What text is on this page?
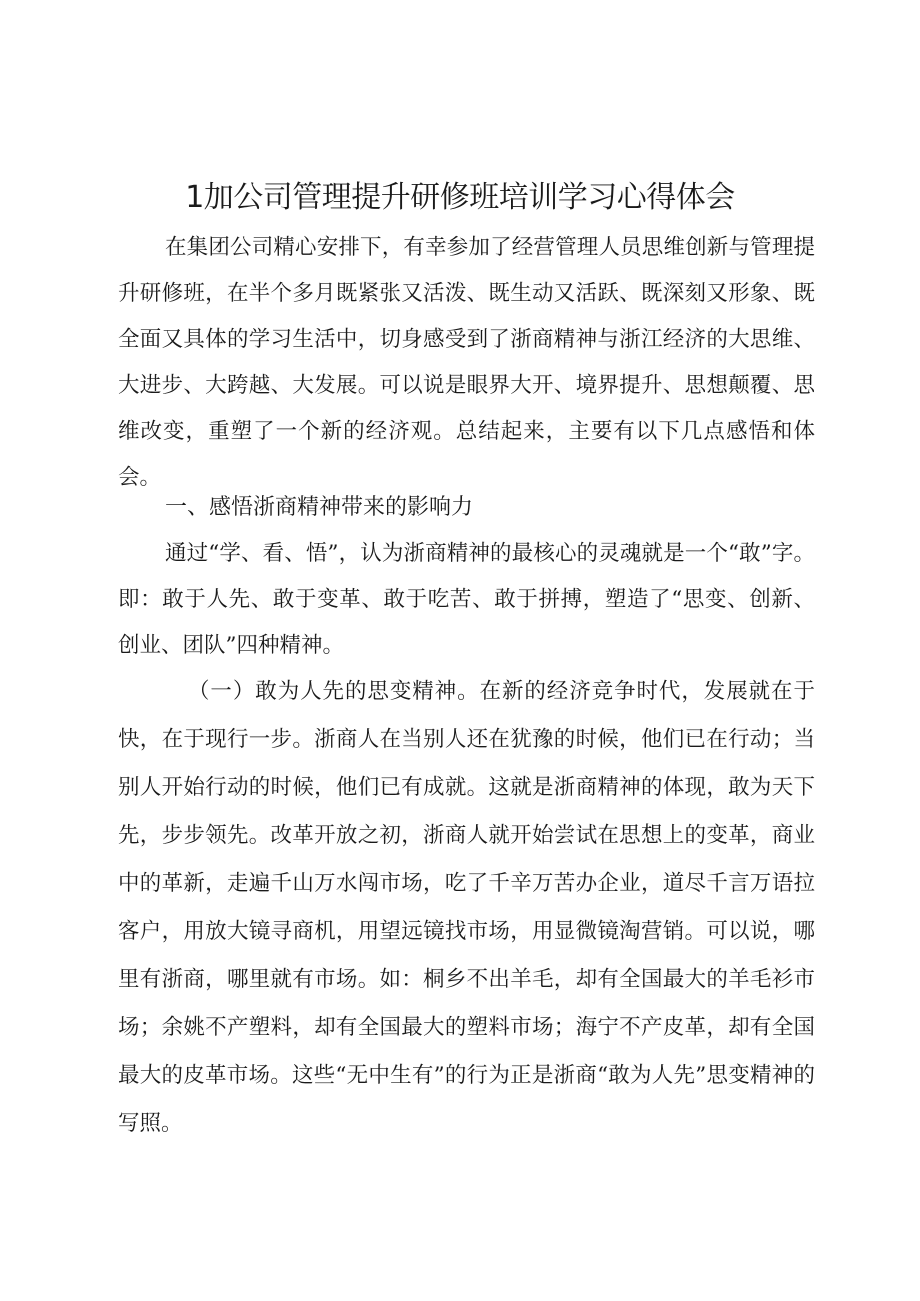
1加公司管理提升研修班培训学习心得体会

在集团公司精心安排下，有幸参加了经营管理人员思维创新与管理提升研修班，在半个多月既紧张又活泼、既生动又活跃、既深刻又形象、既全面又具体的学习生活中，切身感受到了浙商精神与浙江经济的大思维、大进步、大跨越、大发展。可以说是眼界大开、境界提升、思想颠覆、思维改变，重塑了一个新的经济观。总结起来，主要有以下几点感悟和体会。

一、感悟浙商精神带来的影响力

通过“学、看、悟”，认为浙商精神的最核心的灵魂就是一个“敢”字。即：敢于人先、敢于变革、敢于吃苦、敢于拼搏，塑造了“思变、创新、创业、团队”四种精神。

（一）敢为人先的思变精神。在新的经济竞争时代，发展就在于快，在于现行一步。浙商人在当别人还在犹豫的时候，他们已在行动；当别人开始行动的时候，他们已有成就。这就是浙商精神的体现，敢为天下先，步步领先。改革开放之初，浙商人就开始尝试在思想上的变革，商业中的革新，走遍千山万水闯市场，吃了千辛万苦办企业，道尽千言万语拉客户，用放大镜寻商机，用望远镜找市场，用显微镜淘营销。可以说，哪里有浙商，哪里就有市场。如：桐乡不出羊毛，却有全国最大的羊毛衫市场；余姚不产塑料，却有全国最大的塑料市场；海宁不产皮革，却有全国最大的皮革市场。这些“无中生有”的行为正是浙商“敢为人先”思变精神的写照。
